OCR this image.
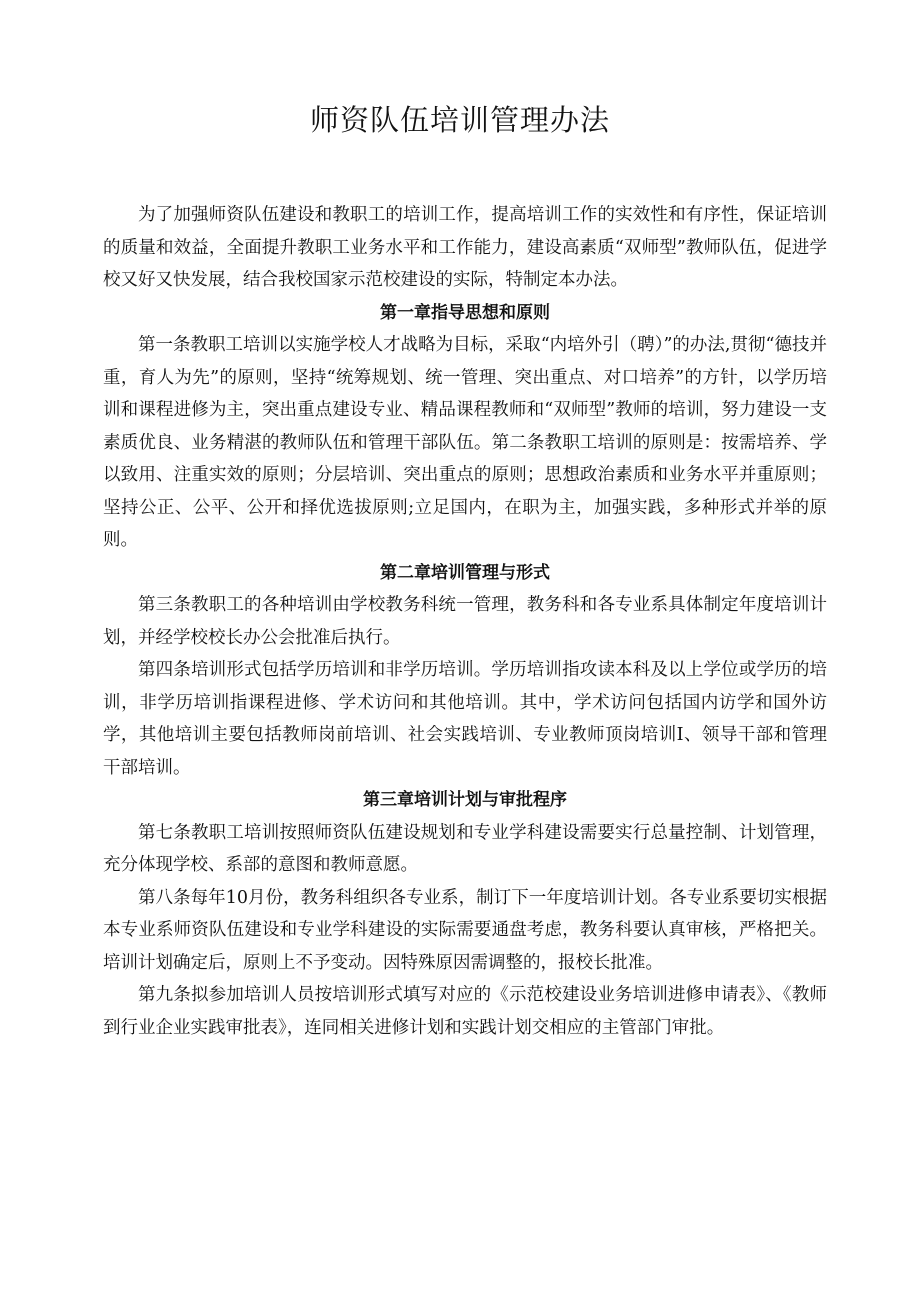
师资队伍培训管理办法

为了加强师资队伍建设和教职工的培训工作，提高培训工作的实效性和有序性，保证培训的质量和效益，全面提升教职工业务水平和工作能力，建设高素质“双师型”教师队伍，促进学校又好又快发展，结合我校国家示范校建设的实际，特制定本办法。

第一章指导思想和原则

第一条教职工培训以实施学校人才战略为目标，采取“内培外引（聘）”的办法,贯彻“德技并重，育人为先”的原则，坚持“统筹规划、统一管理、突出重点、对口培养”的方针，以学历培训和课程进修为主，突出重点建设专业、精品课程教师和“双师型”教师的培训，努力建设一支素质优良、业务精湛的教师队伍和管理干部队伍。第二条教职工培训的原则是：按需培养、学以致用、注重实效的原则；分层培训、突出重点的原则；思想政治素质和业务水平并重原则；坚持公正、公平、公开和择优选拔原则;立足国内，在职为主，加强实践，多种形式并举的原则。

第二章培训管理与形式

第三条教职工的各种培训由学校教务科统一管理，教务科和各专业系具体制定年度培训计划，并经学校校长办公会批准后执行。

第四条培训形式包括学历培训和非学历培训。学历培训指攻读本科及以上学位或学历的培训，非学历培训指课程进修、学术访问和其他培训。其中，学术访问包括国内访学和国外访学，其他培训主要包括教师岗前培训、社会实践培训、专业教师顶岗培训I、领导干部和管理干部培训。

第三章培训计划与审批程序

第七条教职工培训按照师资队伍建设规划和专业学科建设需要实行总量控制、计划管理，充分体现学校、系部的意图和教师意愿。

第八条每年10月份，教务科组织各专业系，制订下一年度培训计划。各专业系要切实根据本专业系师资队伍建设和专业学科建设的实际需要通盘考虑，教务科要认真审核，严格把关。培训计划确定后，原则上不予变动。因特殊原因需调整的，报校长批准。

第九条拟参加培训人员按培训形式填写对应的《示范校建设业务培训进修申请表》、《教师到行业企业实践审批表》，连同相关进修计划和实践计划交相应的主管部门审批。
